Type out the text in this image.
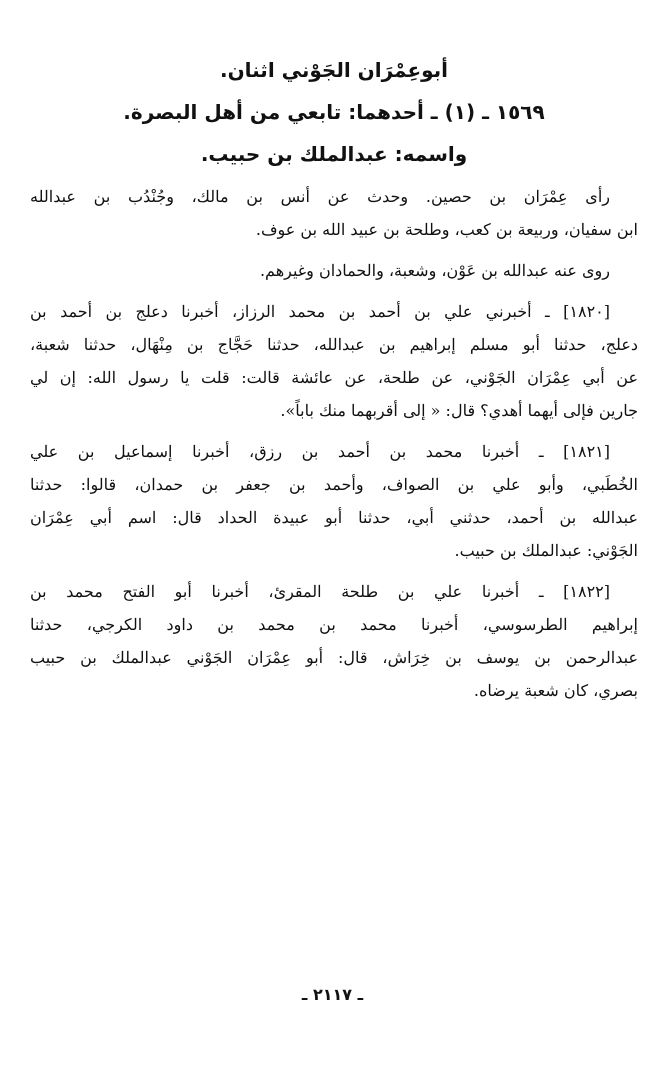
أبوعِمْرَان الجَوْني اثنان.
١٥٦٩ ـ (١) ـ أحدهما: تابعي من أهل البصرة.
واسمه: عبدالملك بن حبيب.
رأى عِمْرَان بن حصين. وحدث عن أنس بن مالك، وجُنْدُب بن عبدالله
ابن سفيان، وربيعة بن كعب، وطلحة بن عبيد الله بن عوف.
روى عنه عبدالله بن عَوْن، وشعبة، والحمادان وغيرهم.
[١٨٢٠] ـ أخبرني علي بن أحمد بن محمد الرزاز، أخبرنا دعلج بن أحمد بن
دعلج، حدثنا أبو مسلم إبراهيم بن عبدالله، حدثنا حَجَّاج بن مِنْهَال، حدثنا شعبة،
عن أبي عِمْرَان الجَوْني، عن طلحة، عن عائشة قالت: قلت يا رسول الله: إن لي
جارين فإلى أيهما أهدي؟ قال: « إلى أقربهما منك باباً».
[١٨٢١] ـ أخبرنا محمد بن أحمد بن رزق، أخبرنا إسماعيل بن علي
الخُطَبي، وأبو علي بن الصواف، وأحمد بن جعفر بن حمدان، قالوا: حدثنا
عبدالله بن أحمد، حدثني أبي، حدثنا أبو عبيدة الحداد قال: اسم أبي عِمْرَان
الجَوْني: عبدالملك بن حبيب.
[١٨٢٢] ـ أخبرنا علي بن طلحة المقرئ، أخبرنا أبو الفتح محمد بن
إبراهيم الطرسوسي، أخبرنا محمد بن محمد بن داود الكرجي، حدثنا
عبدالرحمن بن يوسف بن خِرَاش، قال: أبو عِمْرَان الجَوْني عبدالملك بن حبيب
بصري، كان شعبة يرضاه.
ـ ٢١١٧ ـ
